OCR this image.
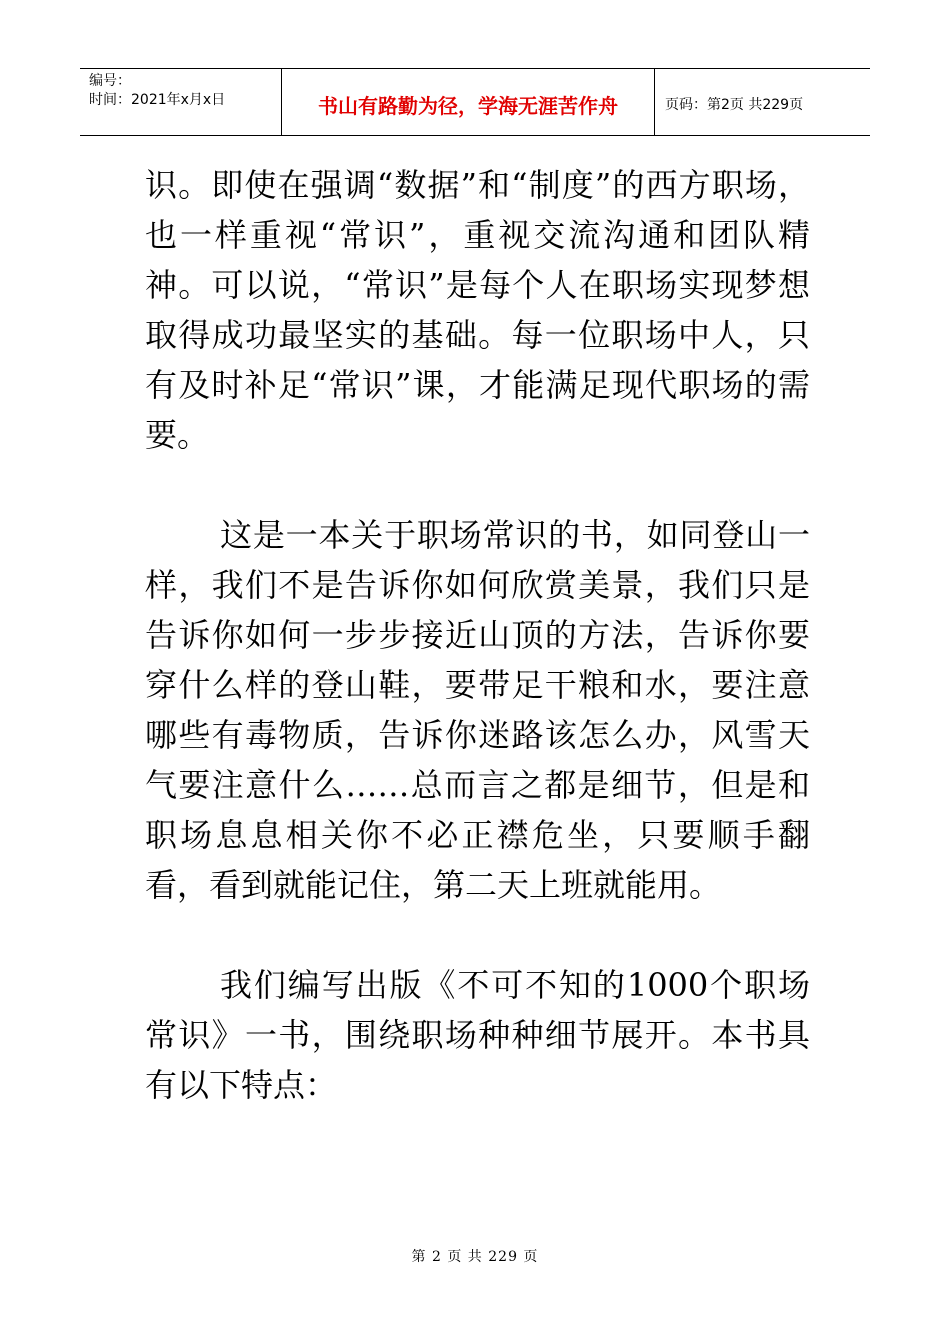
编号：
时间：2021年x月x日	书山有路勤为径，学海无涯苦作舟	页码：第2页 共229页

识。即使在强调“数据”和“制度”的西方职场，也一样重视“常识”，重视交流沟通和团队精神。可以说，“常识”是每个人在职场实现梦想取得成功最坚实的基础。每一位职场中人，只有及时补足“常识”课，才能满足现代职场的需要。

这是一本关于职场常识的书，如同登山一样，我们不是告诉你如何欣赏美景，我们只是告诉你如何一步步接近山顶的方法，告诉你要穿什么样的登山鞋，要带足干粮和水，要注意哪些有毒物质，告诉你迷路该怎么办，风雪天气要注意什么……总而言之都是细节，但是和职场息息相关你不必正襟危坐，只要顺手翻看，看到就能记住，第二天上班就能用。

我们编写出版《不可不知的1000个职场常识》一书，围绕职场种种细节展开。本书具有以下特点：

第 2 页 共 229 页
